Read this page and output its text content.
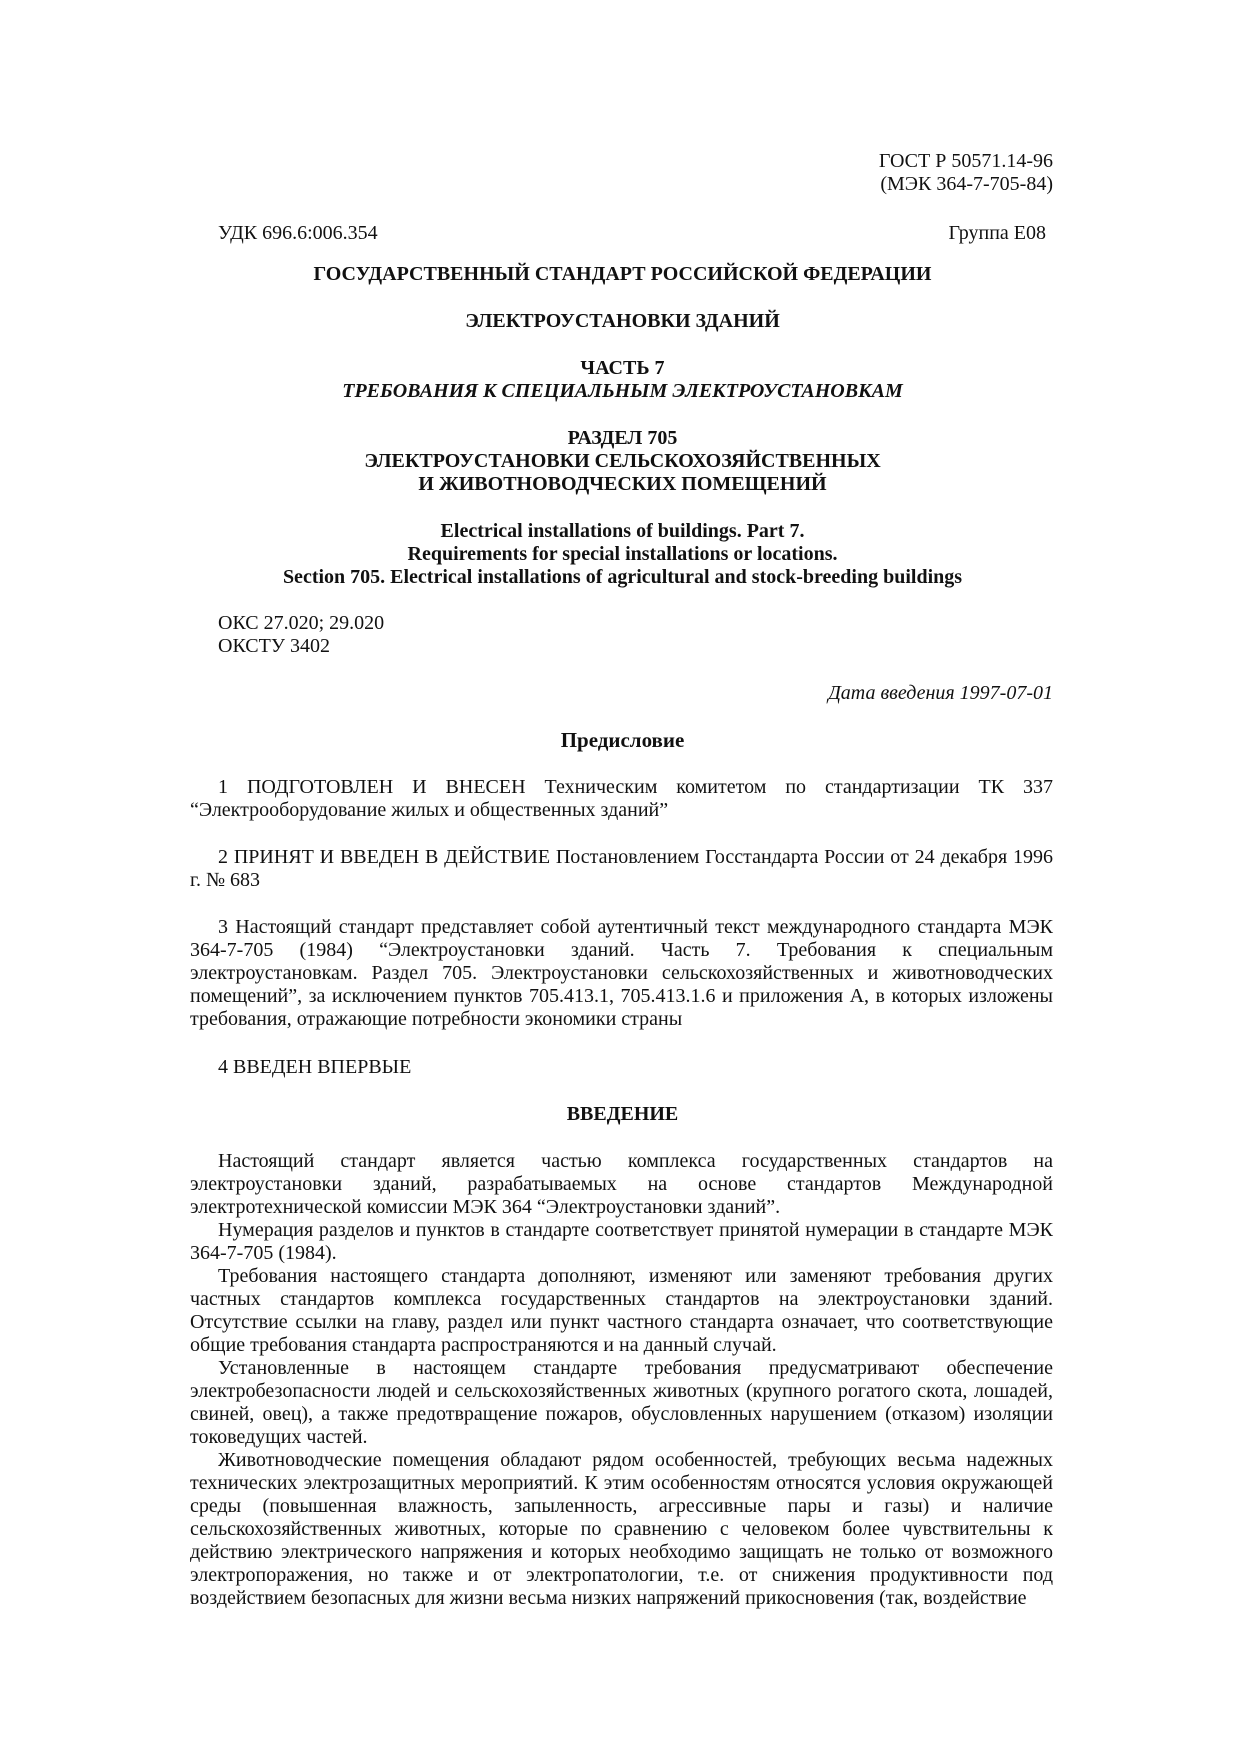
ГОСТ Р 50571.14-96
(МЭК 364-7-705-84)
УДК 696.6:006.354	Группа Е08
ГОСУДАРСТВЕННЫЙ СТАНДАРТ РОССИЙСКОЙ ФЕДЕРАЦИИ
ЭЛЕКТРОУСТАНОВКИ ЗДАНИЙ
ЧАСТЬ 7
ТРЕБОВАНИЯ К СПЕЦИАЛЬНЫМ ЭЛЕКТРОУСТАНОВКАМ
РАЗДЕЛ 705
ЭЛЕКТРОУСТАНОВКИ СЕЛЬСКОХОЗЯЙСТВЕННЫХ
И ЖИВОТНОВОДЧЕСКИХ ПОМЕЩЕНИЙ
Electrical installations of buildings. Part 7.
Requirements for special installations or locations.
Section 705. Electrical installations of agricultural and stock-breeding buildings
ОКС 27.020; 29.020
ОКСТУ 3402
Дата введения 1997-07-01
Предисловие

1 ПОДГОТОВЛЕН И ВНЕСЕН Техническим комитетом по стандартизации ТК 337 “Электрооборудование жилых и общественных зданий”

2 ПРИНЯТ И ВВЕДЕН В ДЕЙСТВИЕ Постановлением Госстандарта России от 24 декабря 1996 г. № 683

3 Настоящий стандарт представляет собой аутентичный текст международного стандарта МЭК 364-7-705 (1984) “Электроустановки зданий. Часть 7. Требования к специальным электроустановкам. Раздел 705. Электроустановки сельскохозяйственных и животноводческих помещений”, за исключением пунктов 705.413.1, 705.413.1.6 и приложения А, в которых изложены требования, отражающие потребности экономики страны

4 ВВЕДЕН ВПЕРВЫЕ

ВВЕДЕНИЕ

Настоящий стандарт является частью комплекса государственных стандартов на электроустановки зданий, разрабатываемых на основе стандартов Международной электротехнической комиссии МЭК 364 “Электроустановки зданий”.

Нумерация разделов и пунктов в стандарте соответствует принятой нумерации в стандарте МЭК 364-7-705 (1984).

Требования настоящего стандарта дополняют, изменяют или заменяют требования других частных стандартов комплекса государственных стандартов на электроустановки зданий. Отсутствие ссылки на главу, раздел или пункт частного стандарта означает, что соответствующие общие требования стандарта распространяются и на данный случай.

Установленные в настоящем стандарте требования предусматривают обеспечение электробезопасности людей и сельскохозяйственных животных (крупного рогатого скота, лошадей, свиней, овец), а также предотвращение пожаров, обусловленных нарушением (отказом) изоляции токоведущих частей.

Животноводческие помещения обладают рядом особенностей, требующих весьма надежных технических электрозащитных мероприятий. К этим особенностям относятся условия окружающей среды (повышенная влажность, запыленность, агрессивные пары и газы) и наличие сельскохозяйственных животных, которые по сравнению с человеком более чувствительны к действию электрического напряжения и которых необходимо защищать не только от возможного электропоражения, но также и от электропатологии, т.е. от снижения продуктивности под воздействием безопасных для жизни весьма низких напряжений прикосновения (так, воздействие
